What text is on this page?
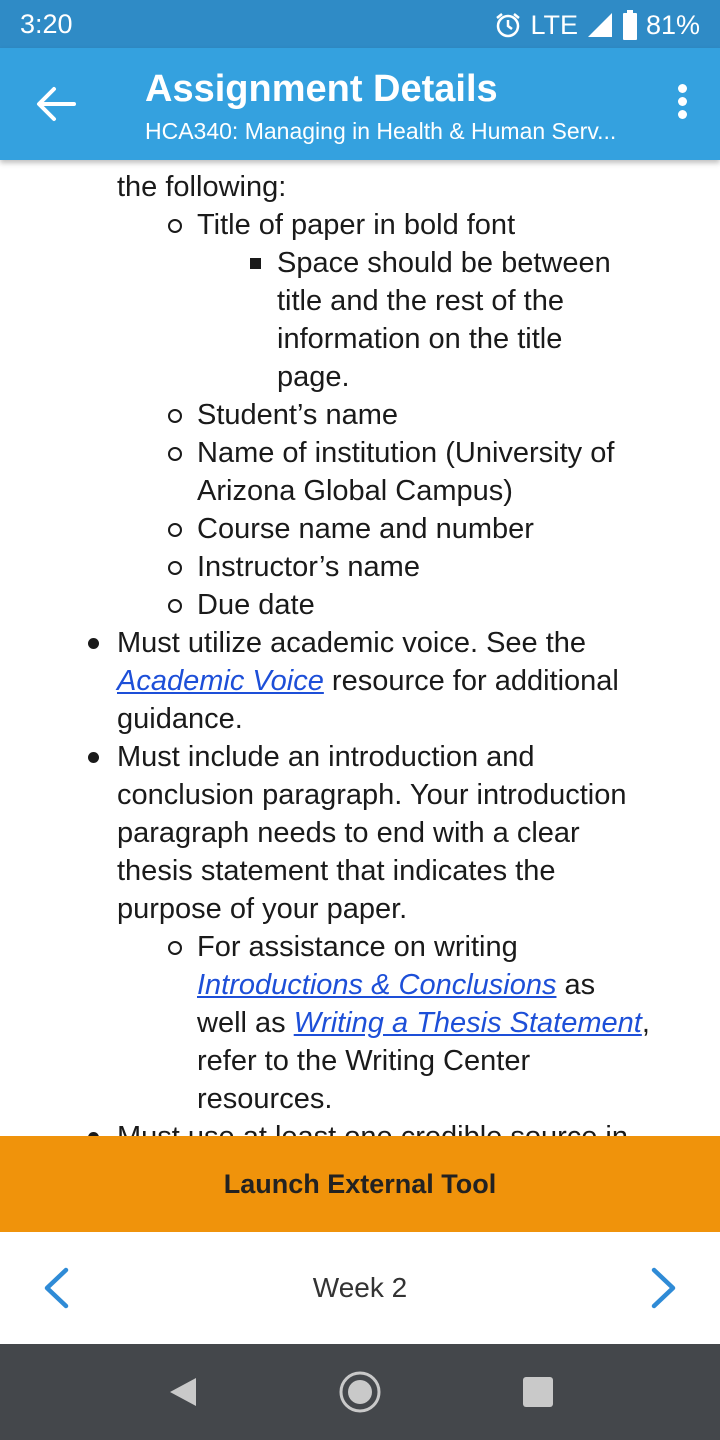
3:20	LTE	81%
Assignment Details
HCA340: Managing in Health & Human Serv...

the following:
Title of paper in bold font
Space should be between
title and the rest of the
information on the title
page.
Student’s name
Name of institution (University of
Arizona Global Campus)
Course name and number
Instructor’s name
Due date
Must utilize academic voice. See the
Academic Voice resource for additional
guidance.
Must include an introduction and
conclusion paragraph. Your introduction
paragraph needs to end with a clear
thesis statement that indicates the
purpose of your paper.
For assistance on writing
Introductions & Conclusions as
well as Writing a Thesis Statement,
refer to the Writing Center
resources.
Launch External Tool
Week 2
